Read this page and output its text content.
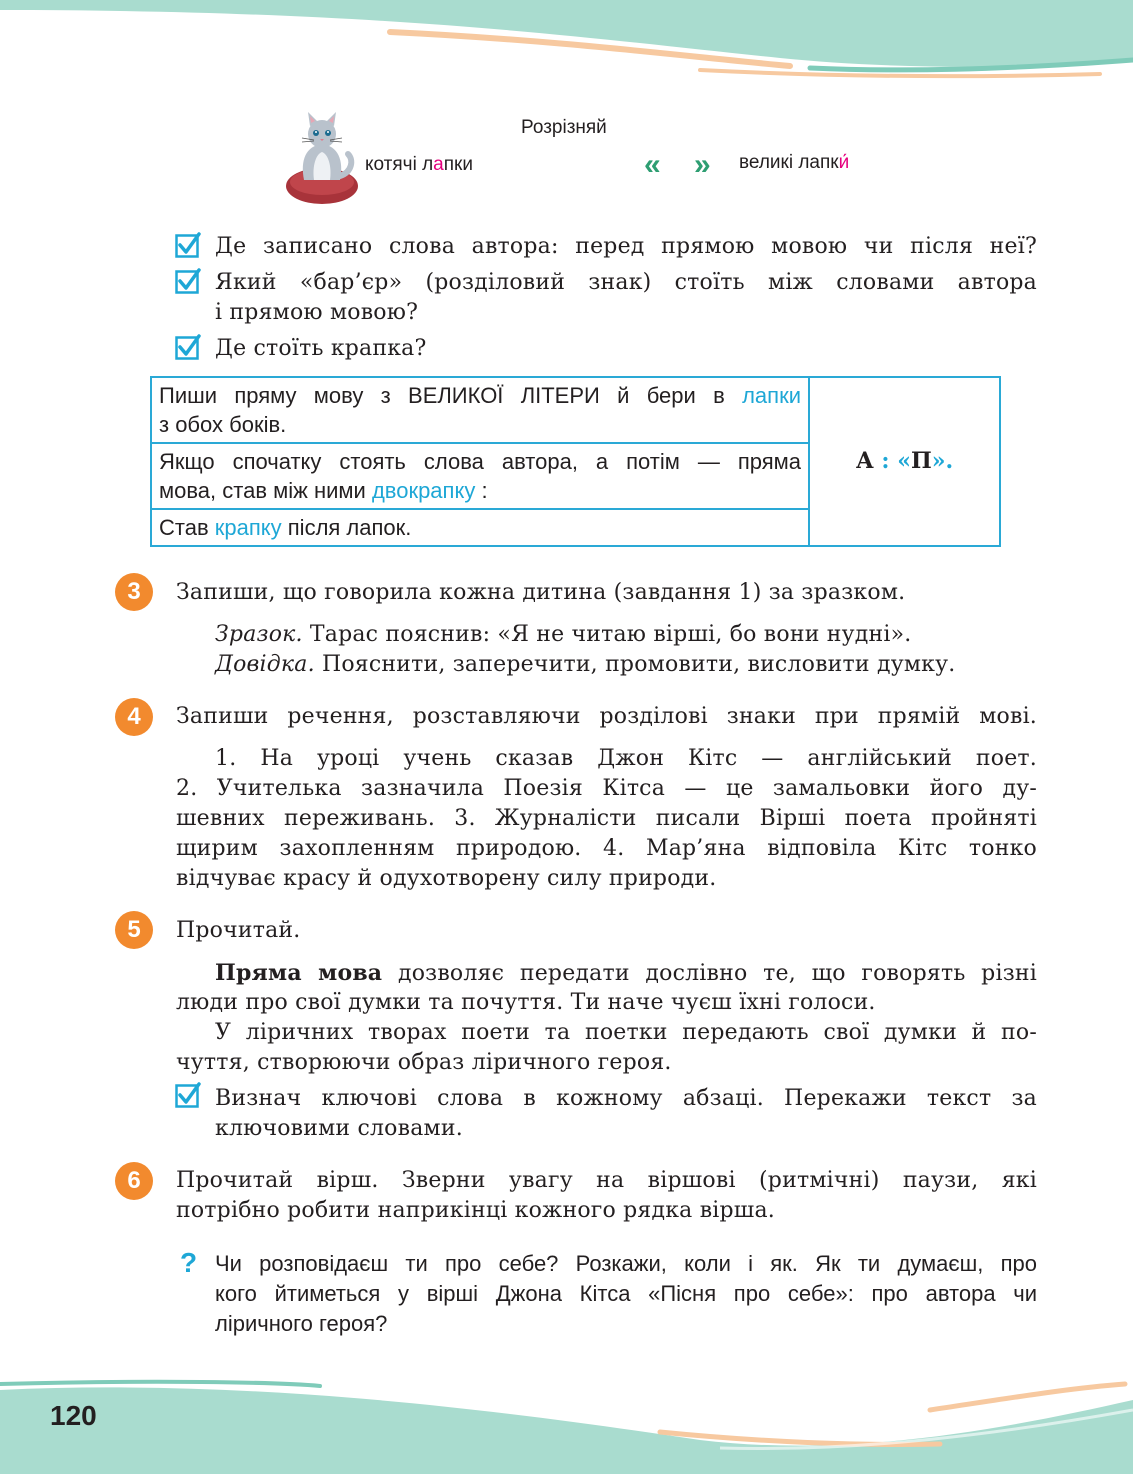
Розрізняй
котячі лапки	« » великі лапки́
Де записано слова автора: перед прямою мовою чи після неї?
Який «бар’єр» (розділовий знак) стоїть між словами автора
і прямою мовою?
Де стоїть крапка?
Пиши пряму мову з ВЕЛИКОЇ ЛІТЕРИ й бери в лапки
з обох боків.
	А : «П».

Якщо спочатку стоять слова автора, а потім — пряма
мова, став між ними двокрапку :

Став крапку після лапок.
3	Запиши, що говорила кожна дитина (завдання 1) за зразком.
Зразок. Тарас пояснив: «Я не читаю вірші, бо вони нудні».
Довідка. Пояснити, заперечити, промовити, висловити думку.
4	Запиши речення, розставляючи розділові знаки при прямій мові.
1. На уроці учень сказав Джон Кітс — англійський поет.
2. Учителька зазначила Поезія Кітса — це замальовки його ду-
шевних переживань. 3. Журналісти писали Вірші поета пройняті
щирим захопленням природою. 4. Мар’яна відповіла Кітс тонко
відчуває красу й одухотворену силу природи.
5	Прочитай.
Пряма мова дозволяє передати дослівно те, що говорять різні
люди про свої думки та почуття. Ти наче чуєш їхні голоси.
У ліричних творах поети та поетки передають свої думки й по-
чуття, створюючи образ ліричного героя.
Визнач ключові слова в кожному абзаці. Перекажи текст за
ключовими словами.
6	Прочитай вірш. Зверни увагу на віршові (ритмічні) паузи, які
потрібно робити наприкінці кожного рядка вірша.
? Чи розповідаєш ти про себе? Розкажи, коли і як. Як ти думаєш, про
кого йтиметься у вірші Джона Кітса «Пісня про себе»: про автора чи
ліричного героя?
120
